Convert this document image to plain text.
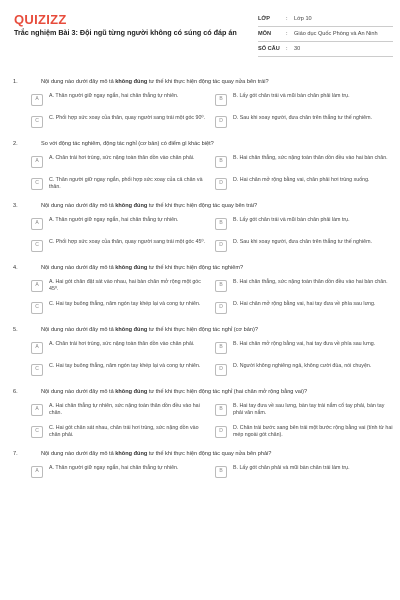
QUIZIZZ
Trắc nghiệm Bài 3: Đội ngũ từng người không có súng có đáp án
LỚP	:	Lớp 10
MÔN	:	Giáo dục Quốc Phòng và An Ninh
SỐ CÂU	:	30
1.	Nội dung nào dưới đây mô tả không đúng tư thế khi thực hiện động tác quay nửa bên trái?
A
A. Thân người giữ ngay ngắn, hai chân thẳng tự nhiên.
B
B. Lấy gót chân trái và mũi bàn chân phải làm trụ.
C
C. Phối hợp sức xoay của thân, quay người sang trái một góc 90⁰.
D
D. Sau khi xoay người, đưa chân trên thẳng tư thế nghiêm.
2.	So với động tác nghiêm, động tác nghỉ (cơ bản) có điểm gì khác biệt?
A
A. Chân trái hơi trùng, sức nặng toàn thân dồn vào chân phải.
B
B. Hai chân thẳng, sức nặng toàn thân dồn đều vào hai bàn chân.
C
C. Thân người giữ ngay ngắn, phối hợp sức xoay của cả chân và thân.
D
D. Hai chân mở rộng bằng vai, chân phải hơi trùng xuống.
3.	Nội dung nào dưới đây mô tả không đúng tư thế khi thực hiện động tác quay bên trái?
A
A. Thân người giữ ngay ngắn, hai chân thẳng tự nhiên.
B
B. Lấy gót chân trái và mũi bàn chân phải làm trụ.
C
C. Phối hợp sức xoay của thân, quay người sang trái một góc 45⁰.
D
D. Sau khi xoay người, đưa chân trên thẳng tư thế nghiêm.
4.	Nội dung nào dưới đây mô tả không đúng tư thế khi thực hiện động tác nghiêm?
A
A. Hai gót chân đặt sát vào nhau, hai bàn chân mở rộng một góc 45⁰.
B
B. Hai chân thẳng, sức nặng toàn thân dồn đều vào hai bàn chân.
C
C. Hai tay buông thẳng, năm ngón tay khép lại và cong tự nhiên.
D
D. Hai chân mở rộng bằng vai, hai tay đưa về phía sau lưng.
5.	Nội dung nào dưới đây mô tả không đúng tư thế khi thực hiện động tác nghỉ (cơ bản)?
A
A. Chân trái hơi trùng, sức nặng toàn thân dồn vào chân phải.
B
B. Hai chân mở rộng bằng vai, hai tay đưa về phía sau lưng.
C
C. Hai tay buông thẳng, năm ngón tay khép lại và cong tự nhiên.
D
D. Người không nghiêng ngả, không cười đùa, nói chuyện.
6.	Nội dung nào dưới đây mô tả không đúng tư thế khi thực hiện động tác nghỉ (hai chân mở rộng bằng vai)?
A
A. Hai chân thẳng tự nhiên, sức nặng toàn thân dồn đều vào hai chân.
B
B. Hai tay đưa về sau lưng, bàn tay trái nắm cổ tay phải, bàn tay phải vân nắm.
C
C. Hai gót chân sát nhau, chân trái hơi trùng, sức nặng dồn vào chân phải.
D
D. Chân trái bước sang bên trái một bước rộng bằng vai (tính từ hai mép ngoài gót chân).
7.	Nội dung nào dưới đây mô tả không đúng tư thế khi thực hiện động tác quay nửa bên phải?
A
A. Thân người giữ ngay ngắn, hai chân thẳng tự nhiên.
B
B. Lấy gót chân phải và mũi bàn chân trái làm trụ.
